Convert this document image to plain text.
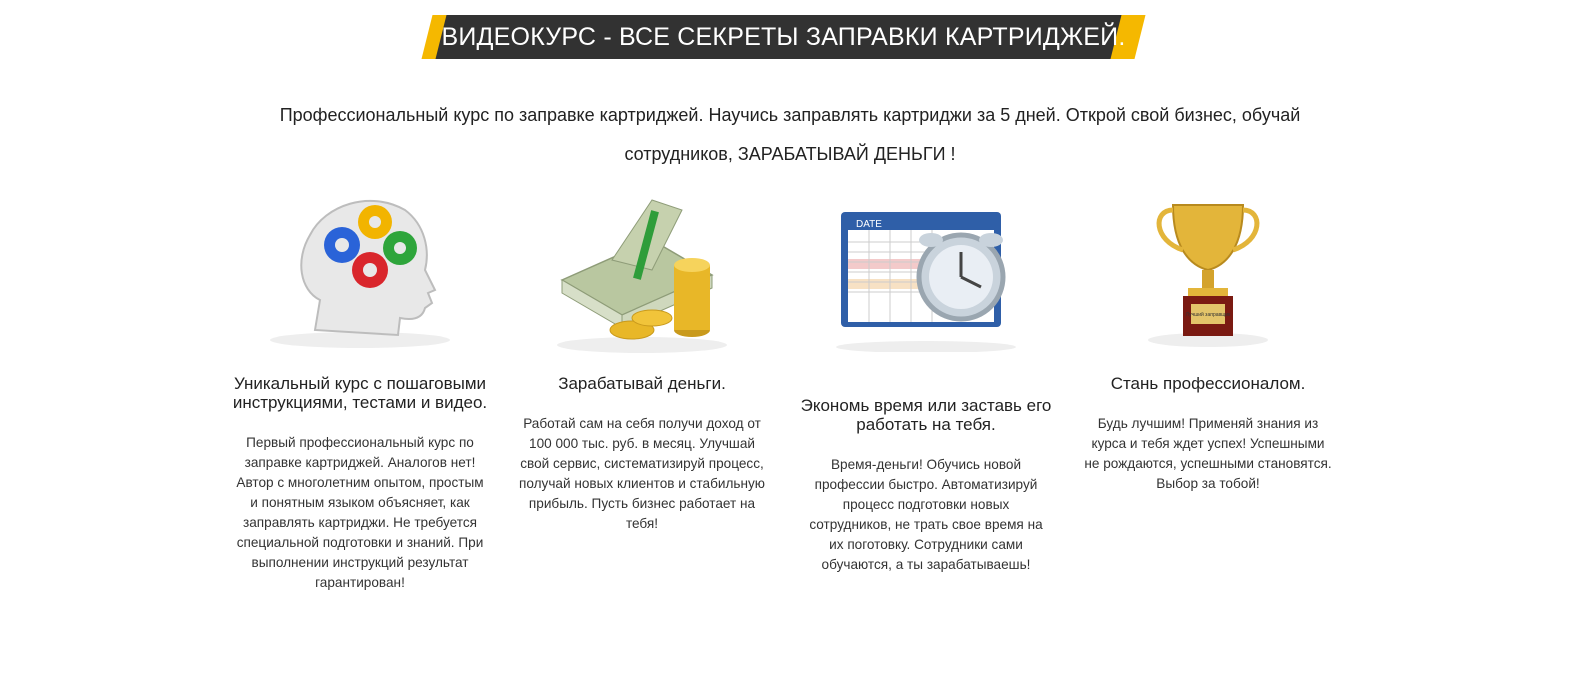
ВИДЕОКУРС - ВСЕ СЕКРЕТЫ ЗАПРАВКИ КАРТРИДЖЕЙ.
Профессиональный курс по заправке картриджей. Научись заправлять картриджи за 5 дней. Открой свой бизнес, обучай сотрудников, ЗАРАБАТЫВАЙ ДЕНЬГИ !
Уникальный курс с пошаговыми инструкциями, тестами и видео.

Первый профессиональный курс по заправке картриджей. Аналогов нет! Автор с многолетним опытом, простым и понятным языком объясняет, как заправлять картриджи. Не требуется специальной подготовки и знаний. При выполнении инструкций результат гарантирован!

Зарабатывай деньги.

Работай сам на себя получи доход от 100 000 тыс. руб. в месяц. Улучшай свой сервис, систематизируй процесс, получай новых клиентов и стабильную прибыль. Пусть бизнес работает на тебя!

DATE
Экономь время или заставь его работать на тебя.

Время-деньги! Обучись новой профессии быстро. Автоматизируй процесс подготовки новых сотрудников, не трать свое время на их поготовку. Сотрудники сами обучаются, а ты зарабатываешь!

Лучший заправщик
Стань профессионалом.

Будь лучшим! Применяй знания из курса и тебя ждет успех! Успешными не рождаются, успешными становятся. Выбор за тобой!
